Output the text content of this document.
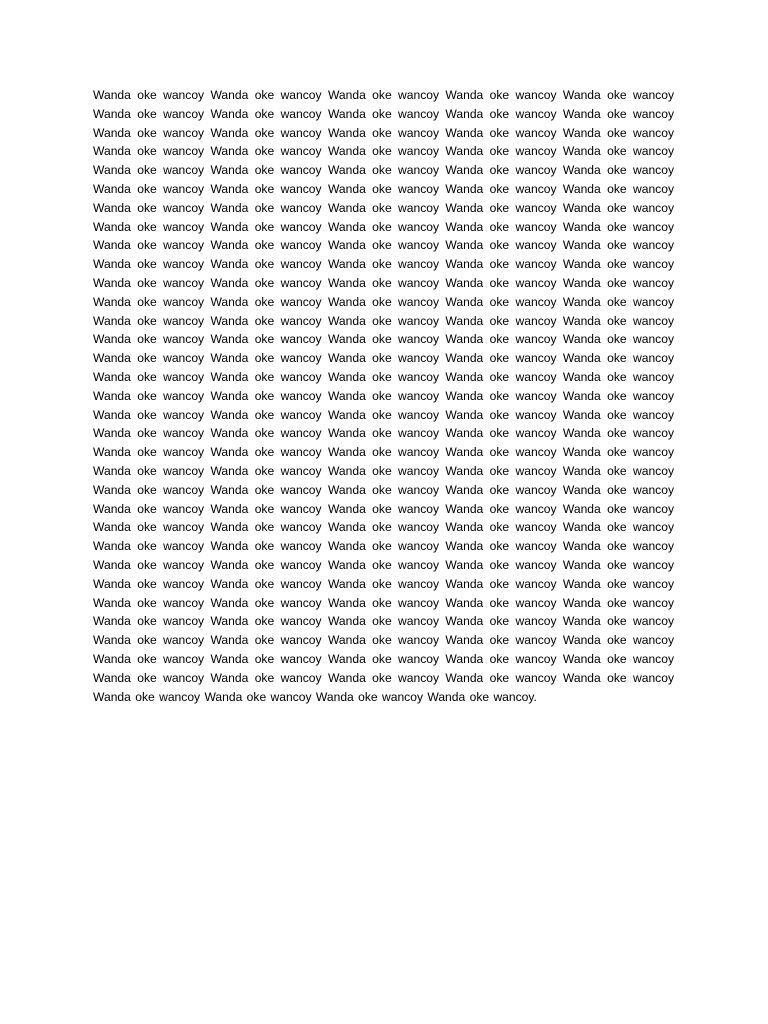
Wanda oke wancoy Wanda oke wancoy Wanda oke wancoy Wanda oke wancoy Wanda oke wancoy Wanda oke wancoy Wanda oke wancoy Wanda oke wancoy Wanda oke wancoy Wanda oke wancoy Wanda oke wancoy Wanda oke wancoy Wanda oke wancoy Wanda oke wancoy Wanda oke wancoy Wanda oke wancoy Wanda oke wancoy Wanda oke wancoy Wanda oke wancoy Wanda oke wancoy Wanda oke wancoy Wanda oke wancoy Wanda oke wancoy Wanda oke wancoy Wanda oke wancoy Wanda oke wancoy Wanda oke wancoy Wanda oke wancoy Wanda oke wancoy Wanda oke wancoy Wanda oke wancoy Wanda oke wancoy Wanda oke wancoy Wanda oke wancoy Wanda oke wancoy Wanda oke wancoy Wanda oke wancoy Wanda oke wancoy Wanda oke wancoy Wanda oke wancoy Wanda oke wancoy Wanda oke wancoy Wanda oke wancoy Wanda oke wancoy Wanda oke wancoy Wanda oke wancoy Wanda oke wancoy Wanda oke wancoy Wanda oke wancoy Wanda oke wancoy Wanda oke wancoy Wanda oke wancoy Wanda oke wancoy Wanda oke wancoy Wanda oke wancoy Wanda oke wancoy Wanda oke wancoy Wanda oke wancoy Wanda oke wancoy Wanda oke wancoy Wanda oke wancoy Wanda oke wancoy Wanda oke wancoy Wanda oke wancoy Wanda oke wancoy Wanda oke wancoy Wanda oke wancoy Wanda oke wancoy Wanda oke wancoy Wanda oke wancoy Wanda oke wancoy Wanda oke wancoy Wanda oke wancoy Wanda oke wancoy Wanda oke wancoy Wanda oke wancoy Wanda oke wancoy Wanda oke wancoy Wanda oke wancoy Wanda oke wancoy Wanda oke wancoy Wanda oke wancoy Wanda oke wancoy Wanda oke wancoy Wanda oke wancoy Wanda oke wancoy Wanda oke wancoy Wanda oke wancoy Wanda oke wancoy Wanda oke wancoy Wanda oke wancoy Wanda oke wancoy Wanda oke wancoy Wanda oke wancoy Wanda oke wancoy Wanda oke wancoy Wanda oke wancoy Wanda oke wancoy Wanda oke wancoy Wanda oke wancoy Wanda oke wancoy Wanda oke wancoy Wanda oke wancoy Wanda oke wancoy Wanda oke wancoy Wanda oke wancoy Wanda oke wancoy Wanda oke wancoy Wanda oke wancoy Wanda oke wancoy Wanda oke wancoy Wanda oke wancoy Wanda oke wancoy Wanda oke wancoy Wanda oke wancoy Wanda oke wancoy Wanda oke wancoy Wanda oke wancoy Wanda oke wancoy Wanda oke wancoy Wanda oke wancoy Wanda oke wancoy Wanda oke wancoy Wanda oke wancoy Wanda oke wancoy Wanda oke wancoy Wanda oke wancoy Wanda oke wancoy Wanda oke wancoy Wanda oke wancoy Wanda oke wancoy Wanda oke wancoy Wanda oke wancoy Wanda oke wancoy Wanda oke wancoy Wanda oke wancoy Wanda oke wancoy Wanda oke wancoy Wanda oke wancoy Wanda oke wancoy Wanda oke wancoy Wanda oke wancoy Wanda oke wancoy Wanda oke wancoy Wanda oke wancoy Wanda oke wancoy Wanda oke wancoy Wanda oke wancoy Wanda oke wancoy Wanda oke wancoy Wanda oke wancoy Wanda oke wancoy Wanda oke wancoy Wanda oke wancoy Wanda oke wancoy Wanda oke wancoy Wanda oke wancoy Wanda oke wancoy Wanda oke wancoy Wanda oke wancoy Wanda oke wancoy Wanda oke wancoy Wanda oke wancoy Wanda oke wancoy.
